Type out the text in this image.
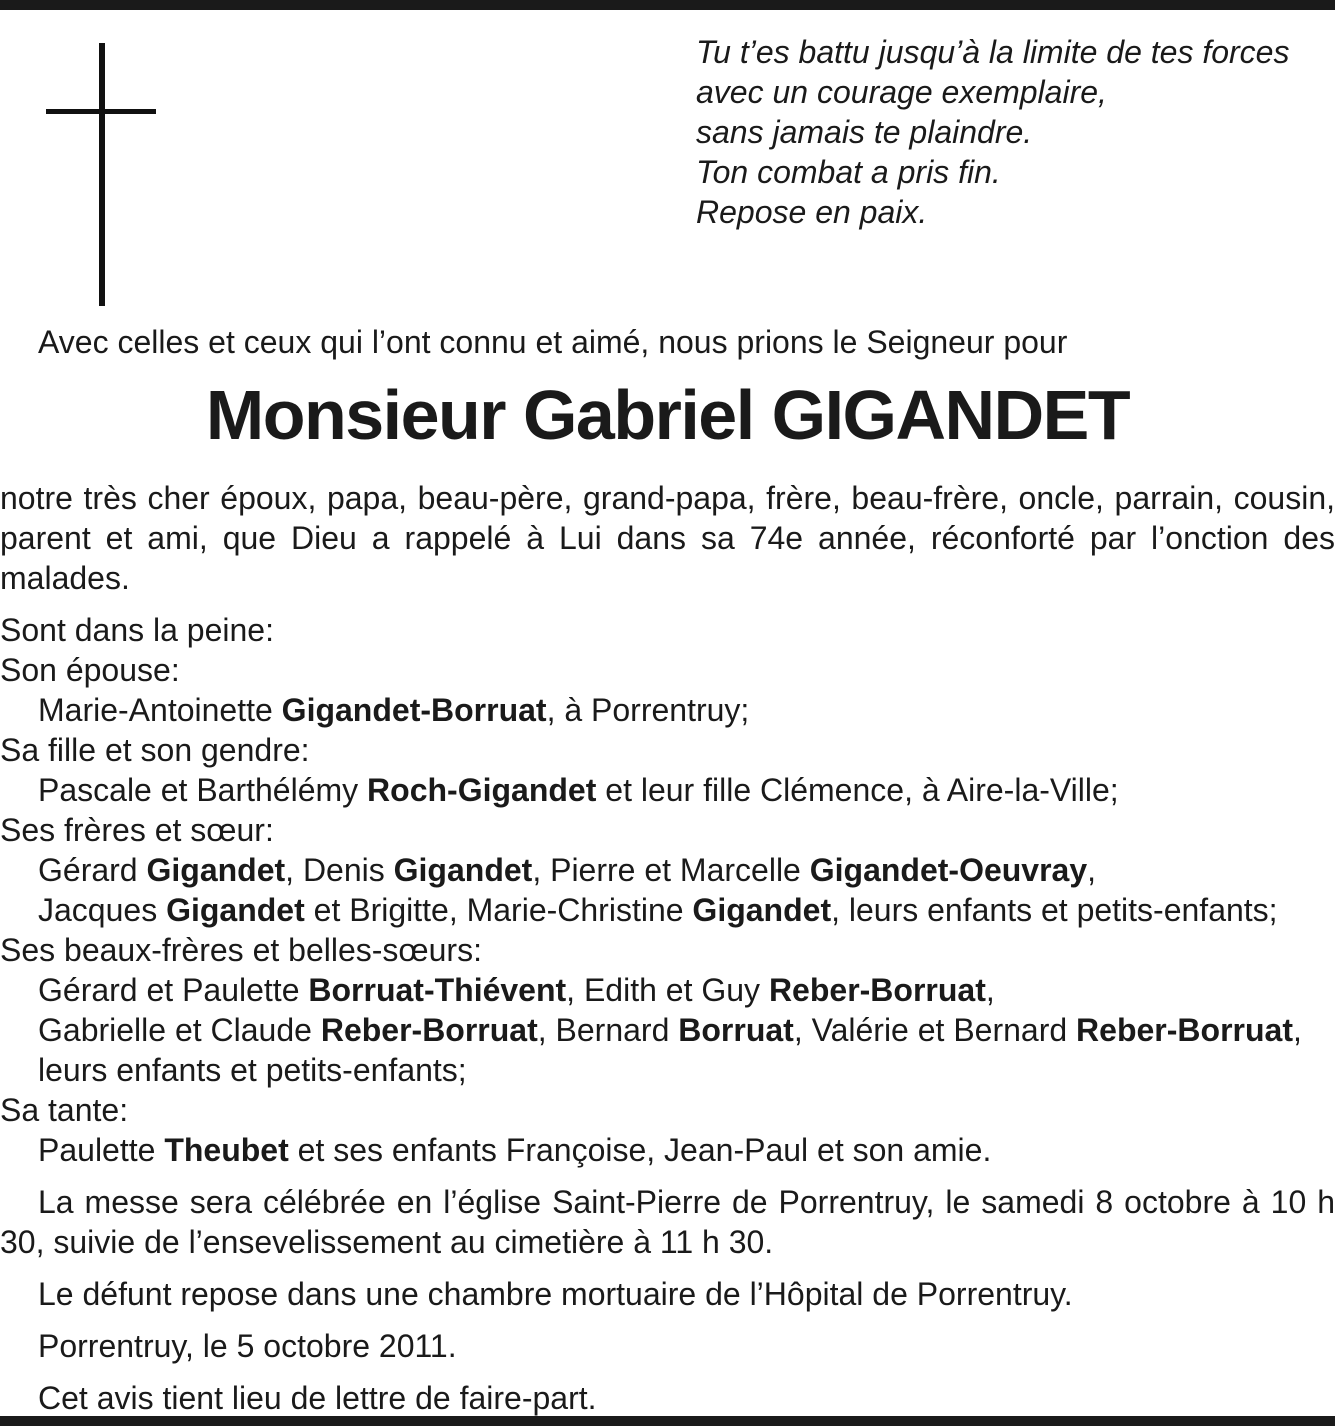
Tu t’es battu jusqu’à la limite de tes forces
avec un courage exemplaire,
sans jamais te plaindre.
Ton combat a pris fin.
Repose en paix.
Avec celles et ceux qui l’ont connu et aimé, nous prions le Seigneur pour
Monsieur Gabriel GIGANDET
notre très cher époux, papa, beau-père, grand-papa, frère, beau-frère, oncle, parrain, cousin, parent et ami, que Dieu a rappelé à Lui dans sa 74e année, réconforté par l’onction des malades.
Sont dans la peine:
Son épouse:
Marie-Antoinette Gigandet-Borruat, à Porrentruy;
Sa fille et son gendre:
Pascale et Barthélémy Roch-Gigandet et leur fille Clémence, à Aire-la-Ville;
Ses frères et sœur:
Gérard Gigandet, Denis Gigandet, Pierre et Marcelle Gigandet-Oeuvray,
Jacques Gigandet et Brigitte, Marie-Christine Gigandet, leurs enfants et petits-enfants;
Ses beaux-frères et belles-sœurs:
Gérard et Paulette Borruat-Thiévent, Edith et Guy Reber-Borruat,
Gabrielle et Claude Reber-Borruat, Bernard Borruat, Valérie et Bernard Reber-Borruat,
leurs enfants et petits-enfants;
Sa tante:
Paulette Theubet et ses enfants Françoise, Jean-Paul et son amie.
La messe sera célébrée en l’église Saint-Pierre de Porrentruy, le samedi 8 octobre à 10 h 30, suivie de l’ensevelissement au cimetière à 11 h 30.
Le défunt repose dans une chambre mortuaire de l’Hôpital de Porrentruy.
Porrentruy, le 5 octobre 2011.
Cet avis tient lieu de lettre de faire-part.
